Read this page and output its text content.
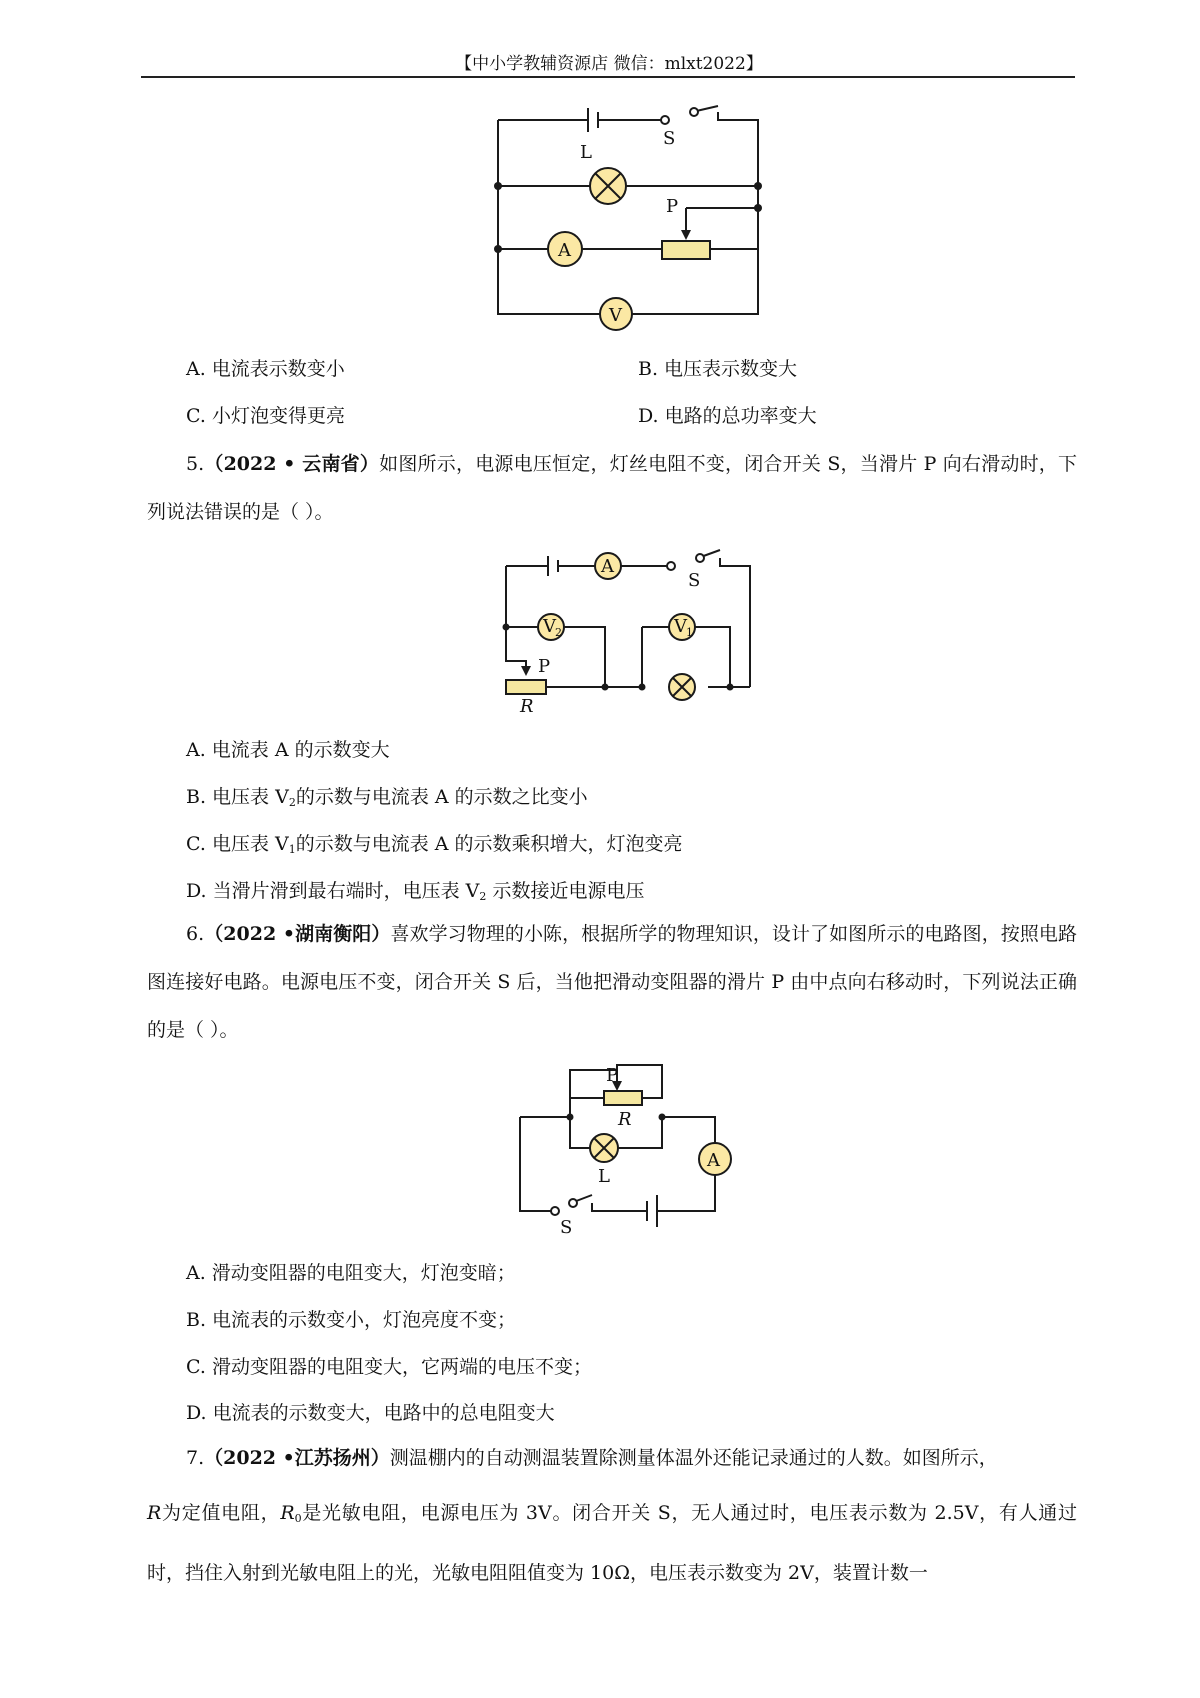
【中小学教辅资源店 微信：mlxt2022】
S
L
P
A
V
A. 电流表示数变小	B. 电压表示数变大
C. 小灯泡变得更亮	D. 电路的总功率变大

5.（2022 • 云南省）如图所示，电源电压恒定，灯丝电阻不变，闭合开关 S，当滑片 P 向右滑动时，下列说法错误的是（ ）。

A
S
V 2	V 1
P
R
A. 电流表 A 的示数变大
B. 电压表 $V_2$的示数与电流表 A 的示数之比变小
C. 电压表 $V_1$的示数与电流表 A 的示数乘积增大，灯泡变亮
D. 当滑片滑到最右端时，电压表 $V_2$ 示数接近电源电压

6.（2022 •湖南衡阳）喜欢学习物理的小陈，根据所学的物理知识，设计了如图所示的电路图，按照电路图连接好电路。电源电压不变，闭合开关 S 后，当他把滑动变阻器的滑片 P 由中点向右移动时，下列说法正确的是（ ）。

P
R
L
A
S
A. 滑动变阻器的电阻变大，灯泡变暗；
B. 电流表的示数变小，灯泡亮度不变；
C. 滑动变阻器的电阻变大，它两端的电压不变；
D. 电流表的示数变大，电路中的总电阻变大

7.（2022 •江苏扬州）测温棚内的自动测温装置除测量体温外还能记录通过的人数。如图所示，

R为定值电阻，$R_0$是光敏电阻，电源电压为 3V。闭合开关 S，无人通过时，电压表示数为 2.5V，有人通过时，挡住入射到光敏电阻上的光，光敏电阻阻值变为 10Ω，电压表示数变为 2V，装置计数一
